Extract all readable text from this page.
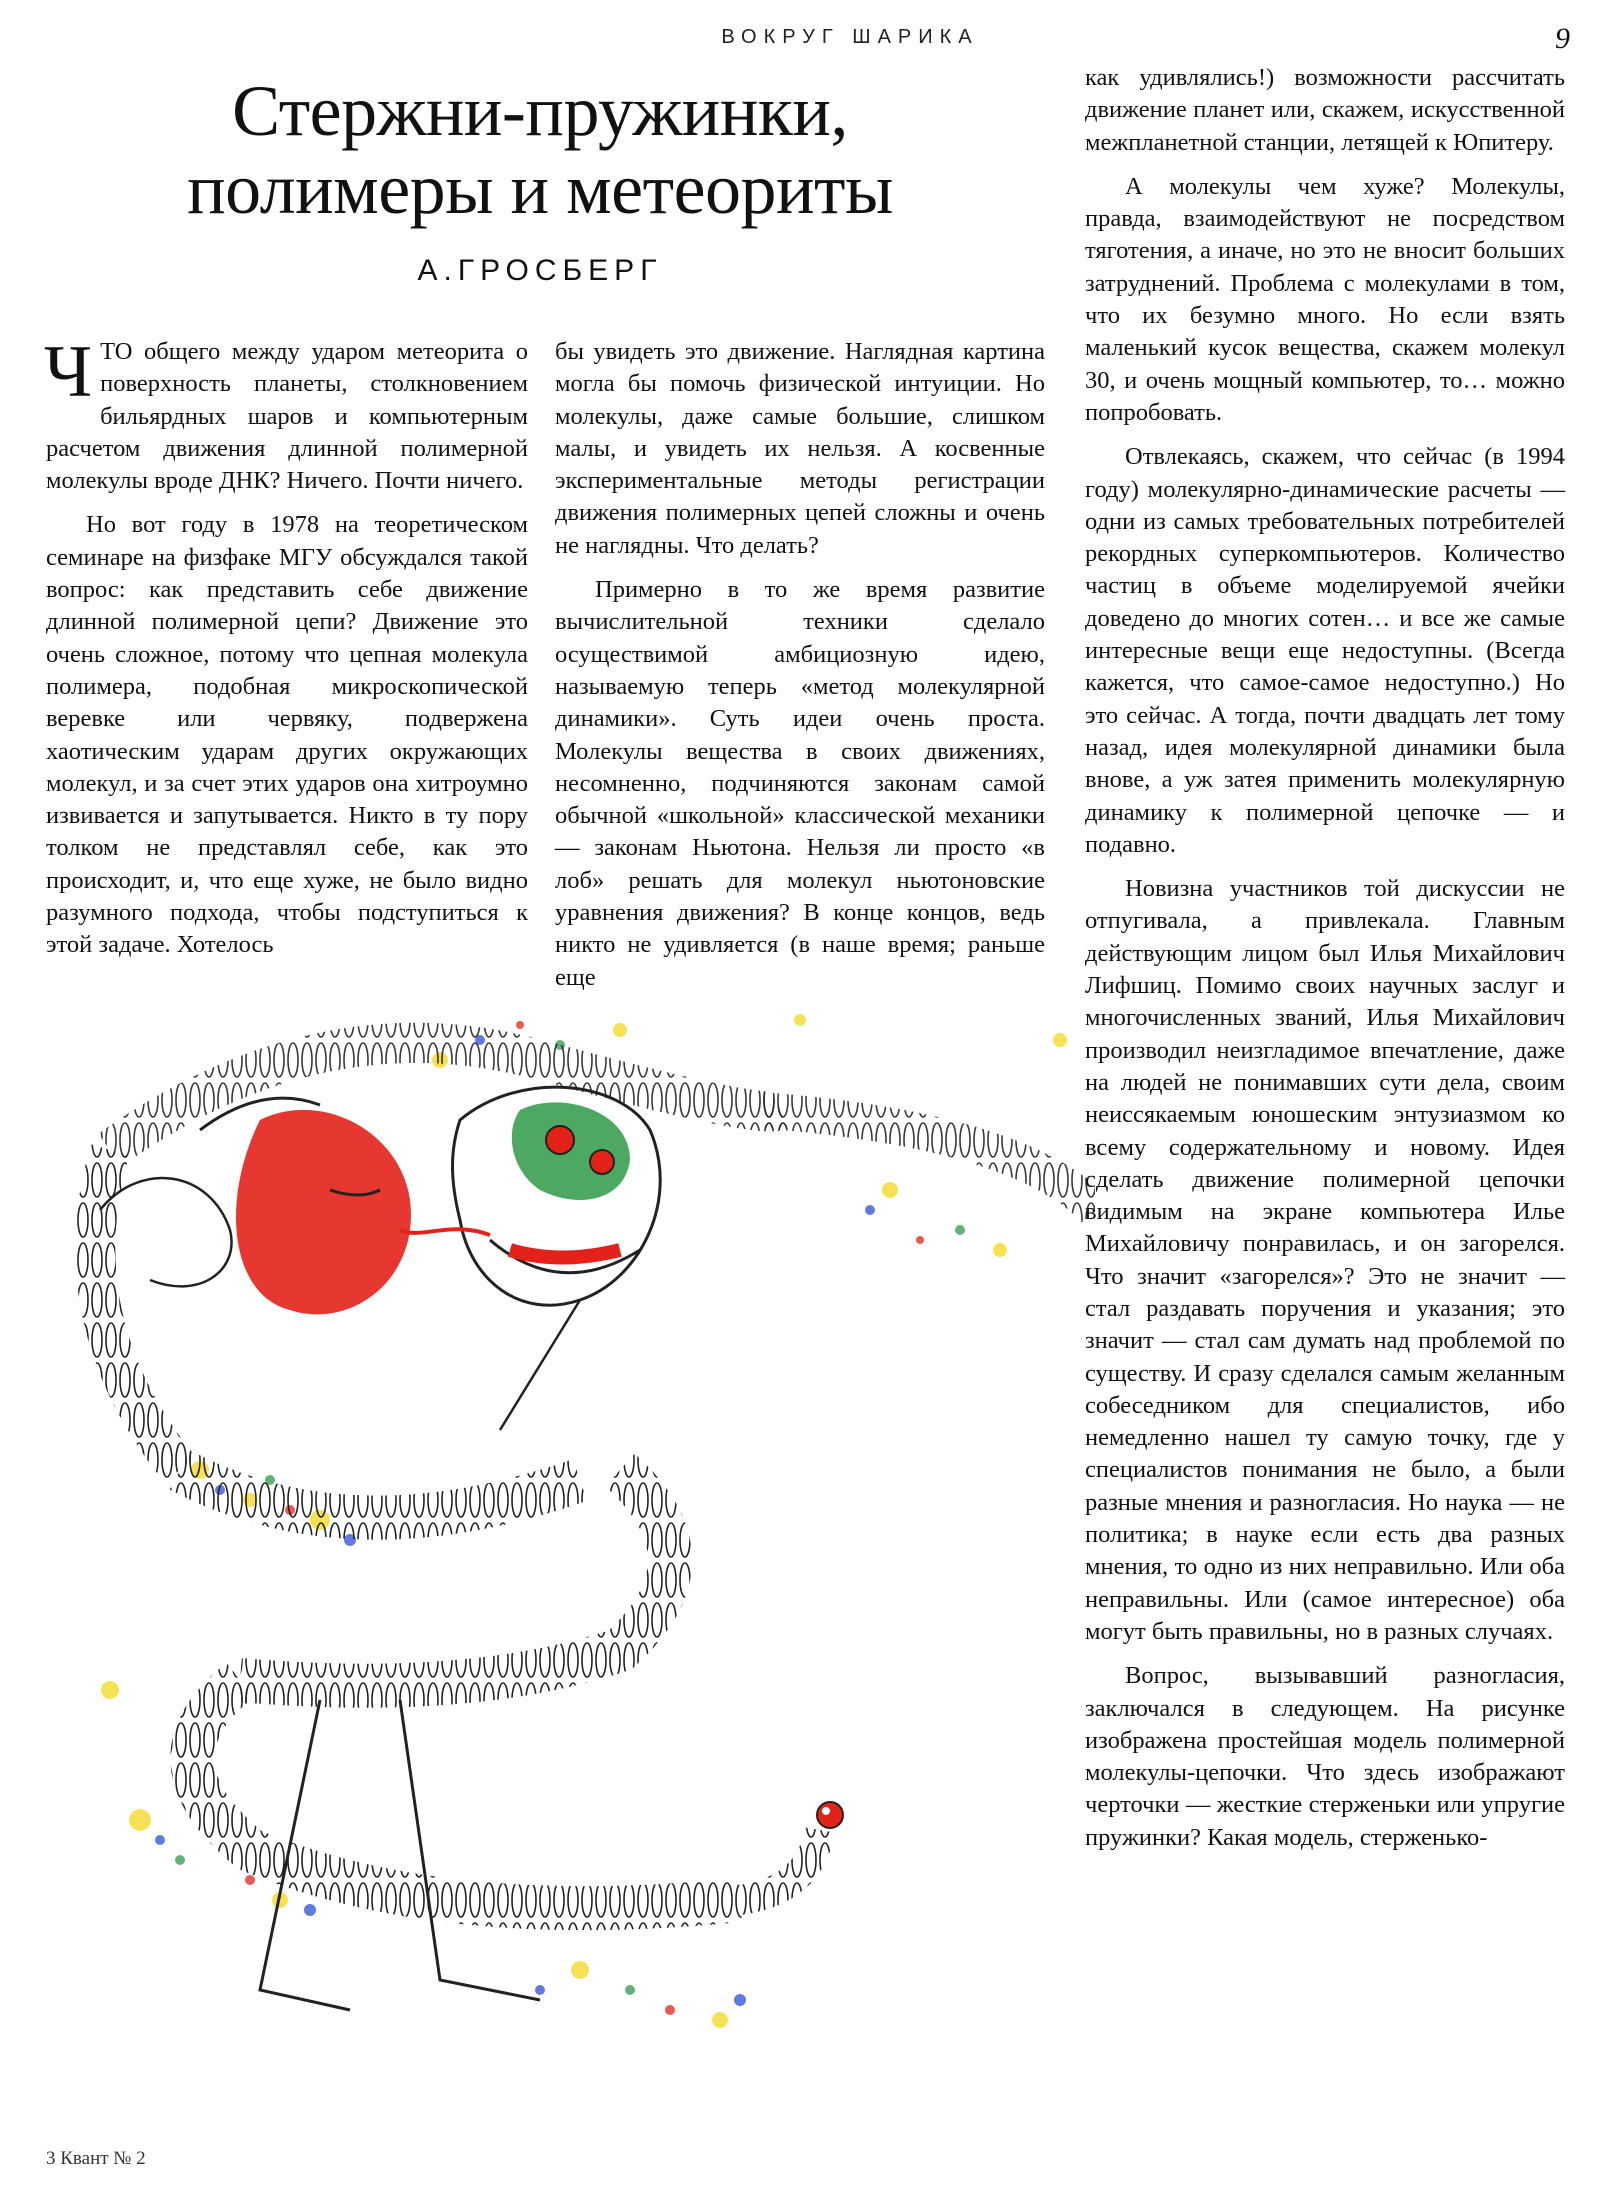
ВОКРУГ ШАРИКА	9
Стержни-пружинки,
полимеры и метеориты
А.ГРОСБЕРГ

ЧТО общего между ударом метеорита о поверхность планеты, столкновением бильярдных шаров и компьютерным расчетом движения длинной полимерной молекулы вроде ДНК? Ничего. Почти ничего.

Но вот году в 1978 на теоретическом семинаре на физфаке МГУ обсуждался такой вопрос: как представить себе движение длинной полимерной цепи? Движение это очень сложное, потому что цепная молекула полимера, подобная микроскопической веревке или червяку, подвержена хаотическим ударам других окружающих молекул, и за счет этих ударов она хитроумно извивается и запутывается. Никто в ту пору толком не представлял себе, как это происходит, и, что еще хуже, не было видно разумного подхода, чтобы подступиться к этой задаче. Хотелось

бы увидеть это движение. Наглядная картина могла бы помочь физической интуиции. Но молекулы, даже самые большие, слишком малы, и увидеть их нельзя. А косвенные экспериментальные методы регистрации движения полимерных цепей сложны и очень не наглядны. Что делать?

Примерно в то же время развитие вычислительной техники сделало осуществимой амбициозную идею, называемую теперь «метод молекулярной динамики». Суть идеи очень проста. Молекулы вещества в своих движениях, несомненно, подчиняются законам самой обычной «школьной» классической механики — законам Ньютона. Нельзя ли просто «в лоб» решать для молекул ньютоновские уравнения движения? В конце концов, ведь никто не удивляется (в наше время; раньше еще

как удивлялись!) возможности рассчитать движение планет или, скажем, искусственной межпланетной станции, летящей к Юпитеру.

А молекулы чем хуже? Молекулы, правда, взаимодействуют не посредством тяготения, а иначе, но это не вносит больших затруднений. Проблема с молекулами в том, что их безумно много. Но если взять маленький кусок вещества, скажем молекул 30, и очень мощный компьютер, то… можно попробовать.

Отвлекаясь, скажем, что сейчас (в 1994 году) молекулярно-динамические расчеты — одни из самых требовательных потребителей рекордных суперкомпьютеров. Количество частиц в объеме моделируемой ячейки доведено до многих сотен… и все же самые интересные вещи еще недоступны. (Всегда кажется, что самое-самое недоступно.) Но это сейчас. А тогда, почти двадцать лет тому назад, идея молекулярной динамики была внове, а уж затея применить молекулярную динамику к полимерной цепочке — и подавно.

Новизна участников той дискуссии не отпугивала, а привлекала. Главным действующим лицом был Илья Михайлович Лифшиц. Помимо своих научных заслуг и многочисленных званий, Илья Михайлович производил неизгладимое впечатление, даже на людей не понимавших сути дела, своим неиссякаемым юношеским энтузиазмом ко всему содержательному и новому. Идея сделать движение полимерной цепочки видимым на экране компьютера Илье Михайловичу понравилась, и он загорелся. Что значит «загорелся»? Это не значит — стал раздавать поручения и указания; это значит — стал сам думать над проблемой по существу. И сразу сделался самым желанным собеседником для специалистов, ибо немедленно нашел ту самую точку, где у специалистов понимания не было, а были разные мнения и разногласия. Но наука — не политика; в науке если есть два разных мнения, то одно из них неправильно. Или оба неправильны. Или (самое интересное) оба могут быть правильны, но в разных случаях.

Вопрос, вызывавший разногласия, заключался в следующем. На рисунке изображена простейшая модель полимерной молекулы-цепочки. Что здесь изображают черточки — жесткие стерженьки или упругие пружинки? Какая модель, стерженько-

3 Квант № 2
